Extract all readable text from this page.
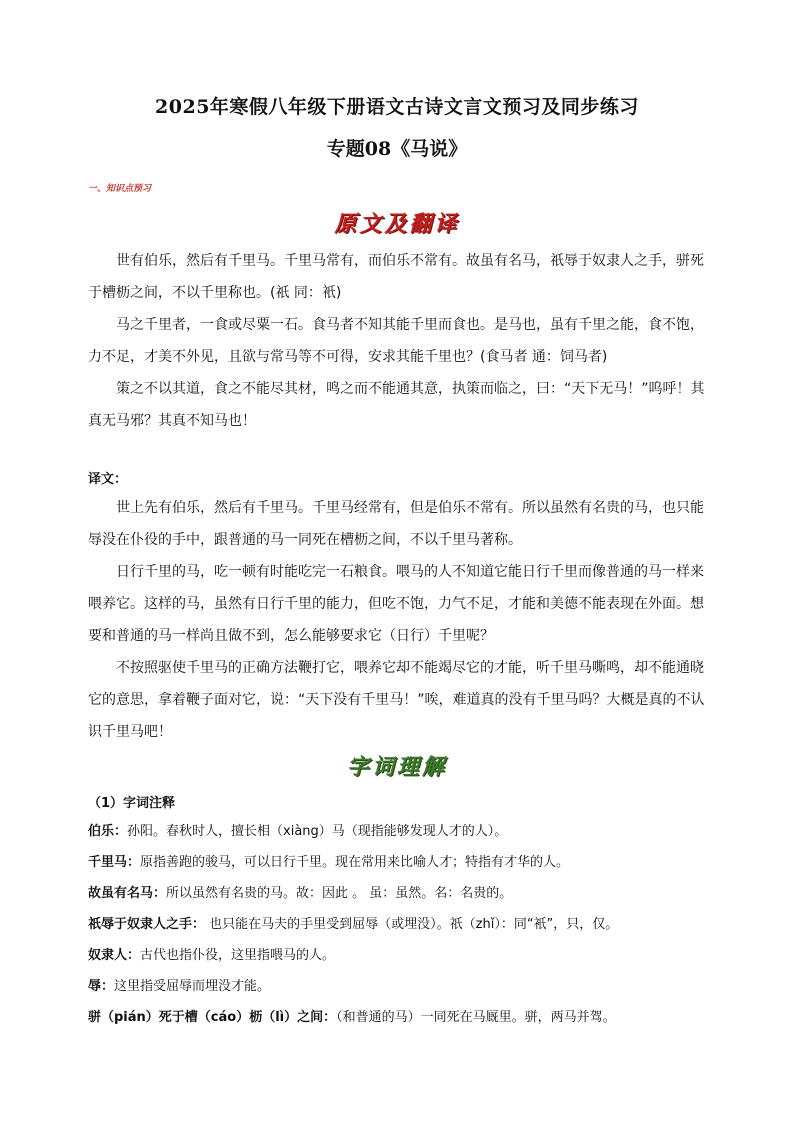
2025年寒假八年级下册语文古诗文言文预习及同步练习
专题08《马说》
一、知识点预习
原文及翻译

世有伯乐，然后有千里马。千里马常有，而伯乐不常有。故虽有名马，祇辱于奴隶人之手，骈死于槽枥之间，不以千里称也。(祇 同：衹)

马之千里者，一食或尽粟一石。食马者不知其能千里而食也。是马也，虽有千里之能，食不饱，力不足，才美不外见，且欲与常马等不可得，安求其能千里也？(食马者 通：饲马者)

策之不以其道，食之不能尽其材，鸣之而不能通其意，执策而临之，曰：“天下无马！”呜呼！其真无马邪？其真不知马也！

译文：

世上先有伯乐，然后有千里马。千里马经常有，但是伯乐不常有。所以虽然有名贵的马，也只能辱没在仆役的手中，跟普通的马一同死在槽枥之间，不以千里马著称。

日行千里的马，吃一顿有时能吃完一石粮食。喂马的人不知道它能日行千里而像普通的马一样来喂养它。这样的马，虽然有日行千里的能力，但吃不饱，力气不足，才能和美德不能表现在外面。想要和普通的马一样尚且做不到，怎么能够要求它（日行）千里呢？

不按照驱使千里马的正确方法鞭打它，喂养它却不能竭尽它的才能，听千里马嘶鸣，却不能通晓它的意思，拿着鞭子面对它，说：“天下没有千里马！”唉，难道真的没有千里马吗？大概是真的不认识千里马吧！

字词理解
（1）字词注释
伯乐：孙阳。春秋时人，擅长相（xiàng）马（现指能够发现人才的人）。
千里马：原指善跑的骏马，可以日行千里。现在常用来比喻人才；特指有才华的人。
故虽有名马：所以虽然有名贵的马。故：因此 。 虽：虽然。名：名贵的。
祇辱于奴隶人之手： 也只能在马夫的手里受到屈辱（或埋没）。祇（zhǐ）：同“衹”，只，仅。
奴隶人：古代也指仆役，这里指喂马的人。
辱：这里指受屈辱而埋没才能。
骈（pián）死于槽（cáo）枥（lì）之间：（和普通的马）一同死在马厩里。骈，两马并驾。
